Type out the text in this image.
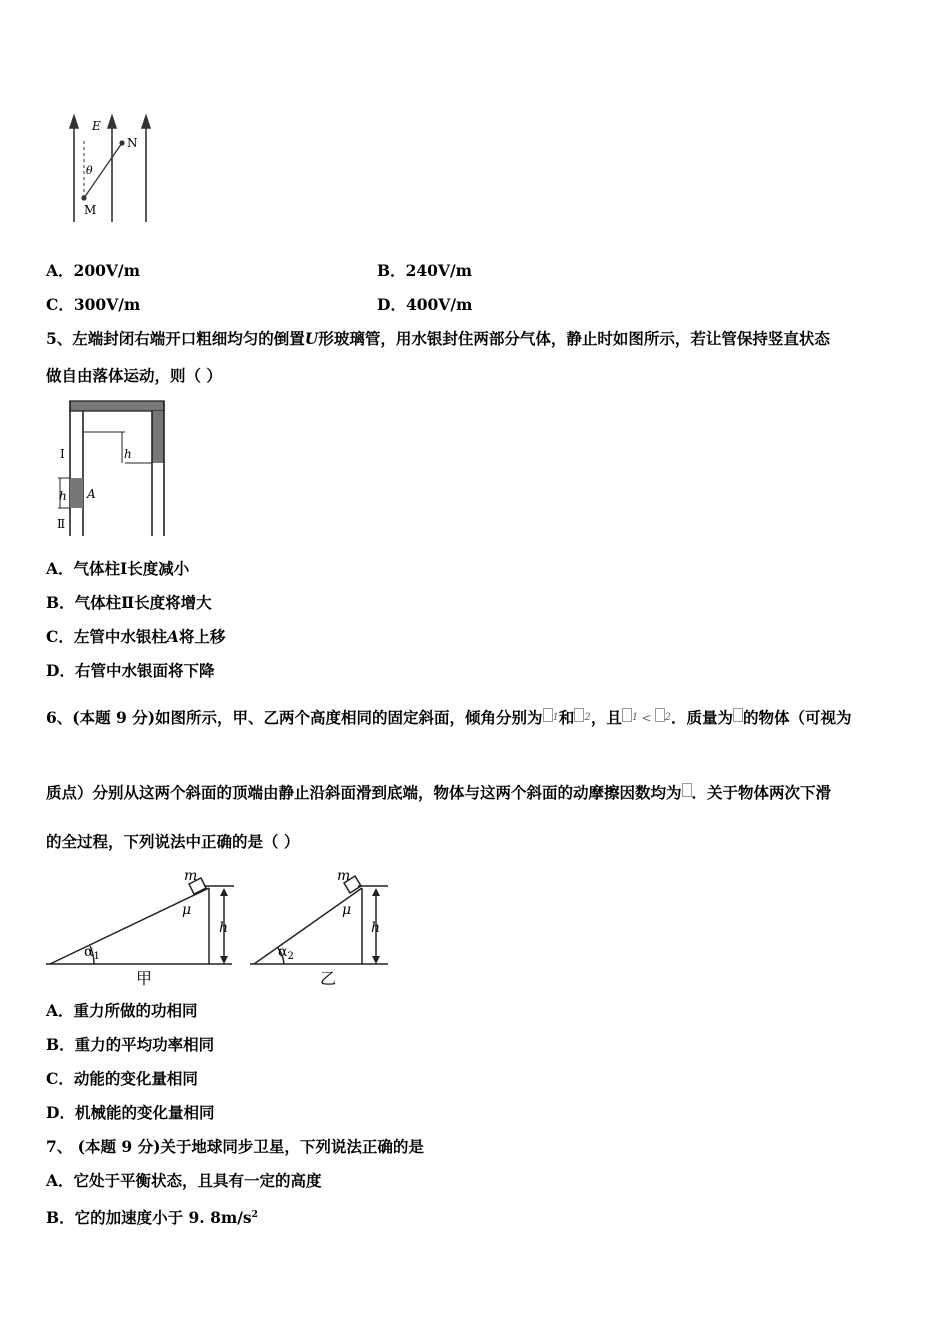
E
N
θ
M
A．200V/m	B．240V/m
C．300V/m	D．400V/m
5、左端封闭右端开口粗细均匀的倒置U形玻璃管，用水银封住两部分气体，静止时如图所示，若让管保持竖直状态
做自由落体运动，则（ ）
Ⅰ	h
h A
Ⅱ
A．气体柱Ⅰ长度减小
B．气体柱Ⅱ长度将增大
C．左管中水银柱A将上移
D．右管中水银面将下降
6、(本题 9 分)如图所示，甲、乙两个高度相同的固定斜面，倾角分别为 $^1$和 $^2$，且 $^1$ < $^2$．质量为 的物体（可视为
质点）分别从这两个斜面的顶端由静止沿斜面滑到底端，物体与这两个斜面的动摩擦因数均为 ．关于物体两次下滑
的全过程，下列说法中正确的是（ ）
m
μ
h
$\alpha_1$
甲
m
μ
h
$\alpha_2$
乙
A．重力所做的功相同
B．重力的平均功率相同
C．动能的变化量相同
D．机械能的变化量相同
7、 (本题 9 分)关于地球同步卫星，下列说法正确的是
A．它处于平衡状态，且具有一定的高度
B．它的加速度小于 9. $8m/s^2$
